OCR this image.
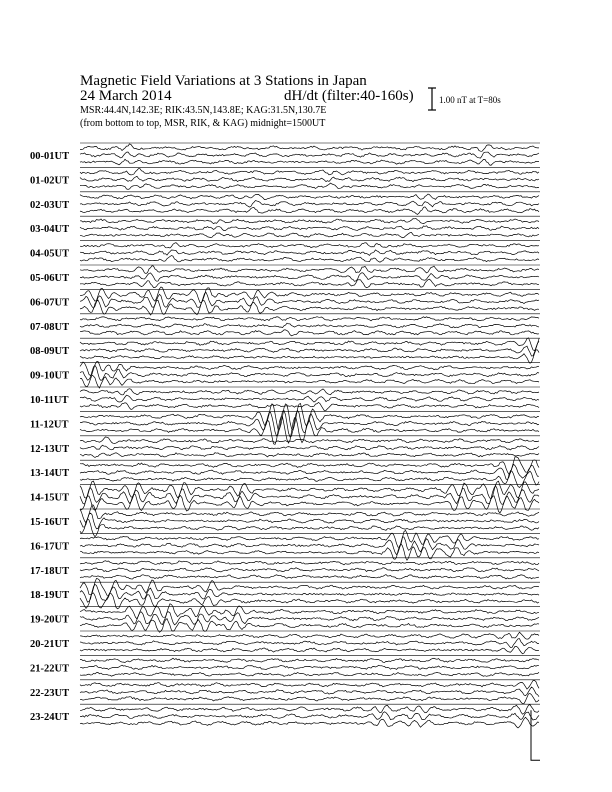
Magnetic Field Variations at 3 Stations in Japan
24 March 2014	dH/dt (filter:40-160s)
MSR:44.4N,142.3E; RIK:43.5N,143.8E; KAG:31.5N,130.7E
(from bottom to top, MSR, RIK, & KAG) midnight=1500UT
1.00 nT at T=80s
00-01UT
01-02UT
02-03UT
03-04UT
04-05UT
05-06UT
06-07UT
07-08UT
08-09UT
09-10UT
10-11UT
11-12UT
12-13UT
13-14UT
14-15UT
15-16UT
16-17UT
17-18UT
18-19UT
19-20UT
20-21UT
21-22UT
22-23UT
23-24UT
